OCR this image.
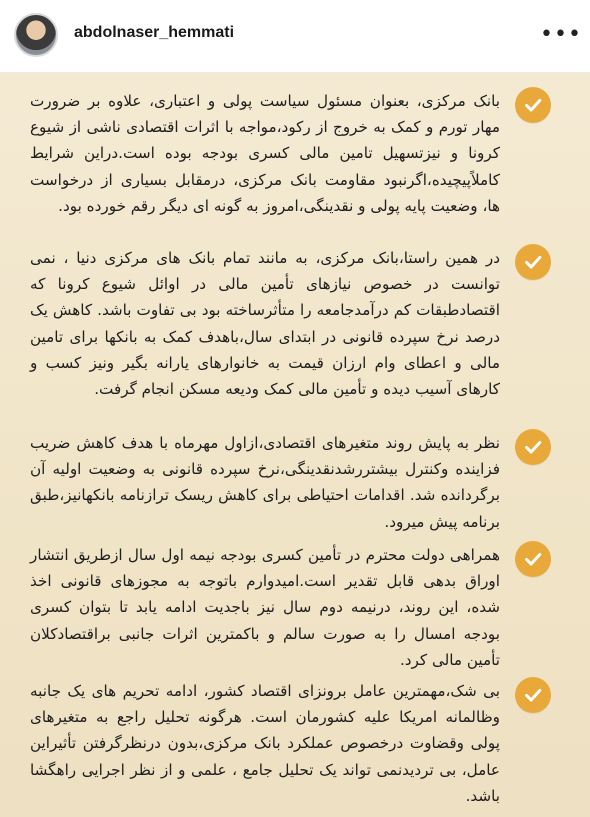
abdolnaser_hemmati	•••

بانک مرکزی، بعنوان مسئول سیاست پولی و اعتباری، علاوه بر ضرورت مهار تورم و کمک به خروج از رکود،مواجه با اثرات اقتصادی ناشی از شیوع کرونا و نیزتسهیل تامین مالی کسری بودجه بوده است.دراین شرایط کاملاًپیچیده،اگرنبود مقاومت بانک مرکزی، درمقابل بسیاری از درخواست ها، وضعیت پایه پولی و نقدینگی،امروز به گونه ای دیگر رقم خورده بود.

در همین راستا،بانک مرکزی، به مانند تمام بانک های مرکزی دنیا ، نمی توانست در خصوص نیازهای تأمین مالی در اوائل شیوع کرونا که اقتصادطبقات کم درآمدجامعه را متأثرساخته بود بی تفاوت باشد. کاهش یک درصد نرخ سپرده قانونی در ابتدای سال،باهدف کمک به بانکها برای تامین مالی و اعطای وام ارزان قیمت به خانوارهای یارانه بگیر ونیز کسب و کارهای آسیب دیده و تأمین مالی کمک ودیعه مسکن انجام گرفت.

نظر به پایش روند متغیرهای اقتصادی،ازاول مهرماه با هدف کاهش ضریب فزاینده وکنترل بیشتررشدنقدینگی،نرخ سپرده قانونی به وضعیت اولیه آن برگردانده شد. اقدامات احتیاطی برای کاهش ریسک ترازنامه بانکهانیز،طبق برنامه پیش میرود.

همراهی دولت محترم در تأمین کسری بودجه نیمه اول سال ازطریق انتشار اوراق بدهی قابل تقدیر است.امیدوارم باتوجه به مجوزهای قانونی اخذ شده، این روند، درنیمه دوم سال نیز باجدیت ادامه یابد تا بتوان کسری بودجه امسال را به صورت سالم و باکمترین اثرات جانبی براقتصادکلان تأمین مالی کرد.

بی شک،مهمترین عامل برونزای اقتصاد کشور، ادامه تحریم های یک جانبه وظالمانه امریکا علیه کشورمان است. هرگونه تحلیل راجع به متغیرهای پولی وقضاوت درخصوص عملکرد بانک مرکزی،بدون درنظرگرفتن تأثیراین عامل، بی تردیدنمی تواند یک تحلیل جامع ، علمی و از نظر اجرایی راهگشا باشد.
